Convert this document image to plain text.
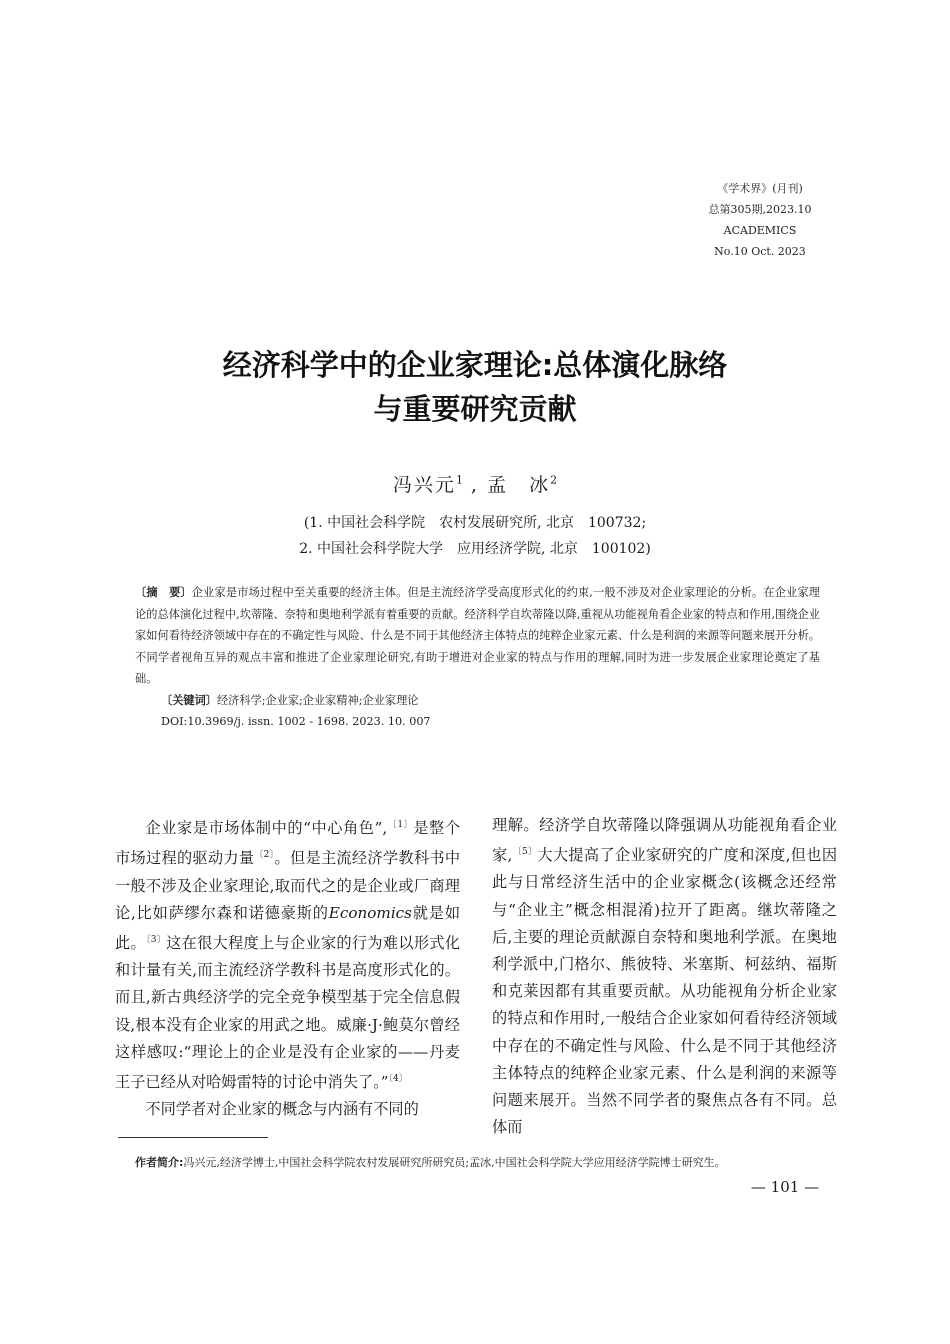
《学术界》(月刊)
总第305期,2023.10
ACADEMICS
No.10 Oct. 2023
经济科学中的企业家理论:总体演化脉络
与重要研究贡献
冯兴元$^1$ , 孟　冰$^2$
(1. 中国社会科学院　农村发展研究所, 北京　100732;
2. 中国社会科学院大学　应用经济学院, 北京　100102)
〔摘　要〕企业家是市场过程中至关重要的经济主体。但是主流经济学受高度形式化的约束,一般不涉及对企业家理论的分析。在企业家理论的总体演化过程中,坎蒂隆、奈特和奥地利学派有着重要的贡献。经济科学自坎蒂隆以降,重视从功能视角看企业家的特点和作用,围绕企业家如何看待经济领域中存在的不确定性与风险、什么是不同于其他经济主体特点的纯粹企业家元素、什么是利润的来源等问题来展开分析。不同学者视角互异的观点丰富和推进了企业家理论研究,有助于增进对企业家的特点与作用的理解,同时为进一步发展企业家理论奠定了基础。
〔关键词〕经济科学;企业家;企业家精神;企业家理论
DOI:10.3969/j. issn. 1002 - 1698. 2023. 10. 007

企业家是市场体制中的“中心角色”,$^{〔1〕}$是整个市场过程的驱动力量$^{〔2〕}$。但是主流经济学教科书中一般不涉及企业家理论,取而代之的是企业或厂商理论,比如萨缪尔森和诺德豪斯的Economics就是如此。$^{〔3〕}$这在很大程度上与企业家的行为难以形式化和计量有关,而主流经济学教科书是高度形式化的。而且,新古典经济学的完全竞争模型基于完全信息假设,根本没有企业家的用武之地。威廉·J·鲍莫尔曾经这样感叹:“理论上的企业是没有企业家的——丹麦王子已经从对哈姆雷特的讨论中消失了。”$^{〔4〕}$

不同学者对企业家的概念与内涵有不同的

理解。经济学自坎蒂隆以降强调从功能视角看企业家,$^{〔5〕}$大大提高了企业家研究的广度和深度,但也因此与日常经济生活中的企业家概念(该概念还经常与“企业主”概念相混淆)拉开了距离。继坎蒂隆之后,主要的理论贡献源自奈特和奥地利学派。在奥地利学派中,门格尔、熊彼特、米塞斯、柯兹纳、福斯和克莱因都有其重要贡献。从功能视角分析企业家的特点和作用时,一般结合企业家如何看待经济领域中存在的不确定性与风险、什么是不同于其他经济主体特点的纯粹企业家元素、什么是利润的来源等问题来展开。当然不同学者的聚焦点各有不同。总体而

作者简介:冯兴元,经济学博士,中国社会科学院农村发展研究所研究员;孟冰,中国社会科学院大学应用经济学院博士研究生。
— 101 —
